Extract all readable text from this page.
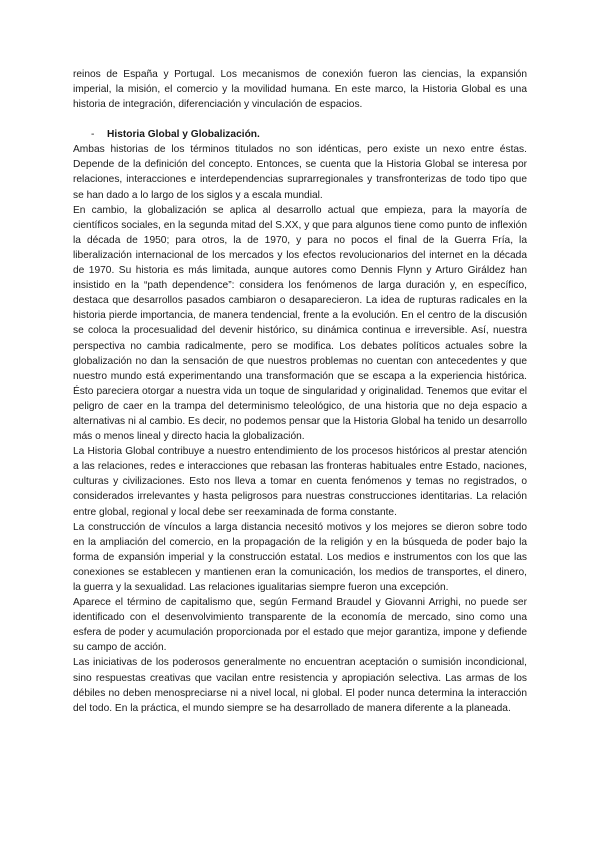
reinos de España y Portugal. Los mecanismos de conexión fueron las ciencias, la expansión imperial, la misión, el comercio y la movilidad humana. En este marco, la Historia Global es una historia de integración, diferenciación y vinculación de espacios.

-	Historia Global y Globalización.

Ambas historias de los términos titulados no son idénticas, pero existe un nexo entre éstas. Depende de la definición del concepto. Entonces, se cuenta que la Historia Global se interesa por relaciones, interacciones e interdependencias suprarregionales y transfronterizas de todo tipo que se han dado a lo largo de los siglos y a escala mundial.

En cambio, la globalización se aplica al desarrollo actual que empieza, para la mayoría de científicos sociales, en la segunda mitad del S.XX, y que para algunos tiene como punto de inflexión la década de 1950; para otros, la de 1970, y para no pocos el final de la Guerra Fría, la liberalización internacional de los mercados y los efectos revolucionarios del internet en la década de 1970. Su historia es más limitada, aunque autores como Dennis Flynn y Arturo Giráldez han insistido en la “path dependence”: considera los fenómenos de larga duración y, en específico, destaca que desarrollos pasados cambiaron o desaparecieron. La idea de rupturas radicales en la historia pierde importancia, de manera tendencial, frente a la evolución. En el centro de la discusión se coloca la procesualidad del devenir histórico, su dinámica continua e irreversible. Así, nuestra perspectiva no cambia radicalmente, pero se modifica. Los debates políticos actuales sobre la globalización no dan la sensación de que nuestros problemas no cuentan con antecedentes y que nuestro mundo está experimentando una transformación que se escapa a la experiencia histórica. Ésto pareciera otorgar a nuestra vida un toque de singularidad y originalidad. Tenemos que evitar el peligro de caer en la trampa del determinismo teleológico, de una historia que no deja espacio a alternativas ni al cambio. Es decir, no podemos pensar que la Historia Global ha tenido un desarrollo más o menos lineal y directo hacia la globalización.

La Historia Global contribuye a nuestro entendimiento de los procesos históricos al prestar atención a las relaciones, redes e interacciones que rebasan las fronteras habituales entre Estado, naciones, culturas y civilizaciones. Esto nos lleva a tomar en cuenta fenómenos y temas no registrados, o considerados irrelevantes y hasta peligrosos para nuestras construcciones identitarias. La relación entre global, regional y local debe ser reexaminada de forma constante.

La construcción de vínculos a larga distancia necesitó motivos y los mejores se dieron sobre todo en la ampliación del comercio, en la propagación de la religión y en la búsqueda de poder bajo la forma de expansión imperial y la construcción estatal. Los medios e instrumentos con los que las conexiones se establecen y mantienen eran la comunicación, los medios de transportes, el dinero, la guerra y la sexualidad. Las relaciones igualitarias siempre fueron una excepción.

Aparece el término de capitalismo que, según Fermand Braudel y Giovanni Arrighi, no puede ser identificado con el desenvolvimiento transparente de la economía de mercado, sino como una esfera de poder y acumulación proporcionada por el estado que mejor garantiza, impone y defiende su campo de acción.

Las iniciativas de los poderosos generalmente no encuentran aceptación o sumisión incondicional, sino respuestas creativas que vacilan entre resistencia y apropiación selectiva. Las armas de los débiles no deben menospreciarse ni a nivel local, ni global. El poder nunca determina la interacción del todo. En la práctica, el mundo siempre se ha desarrollado de manera diferente a la planeada.
